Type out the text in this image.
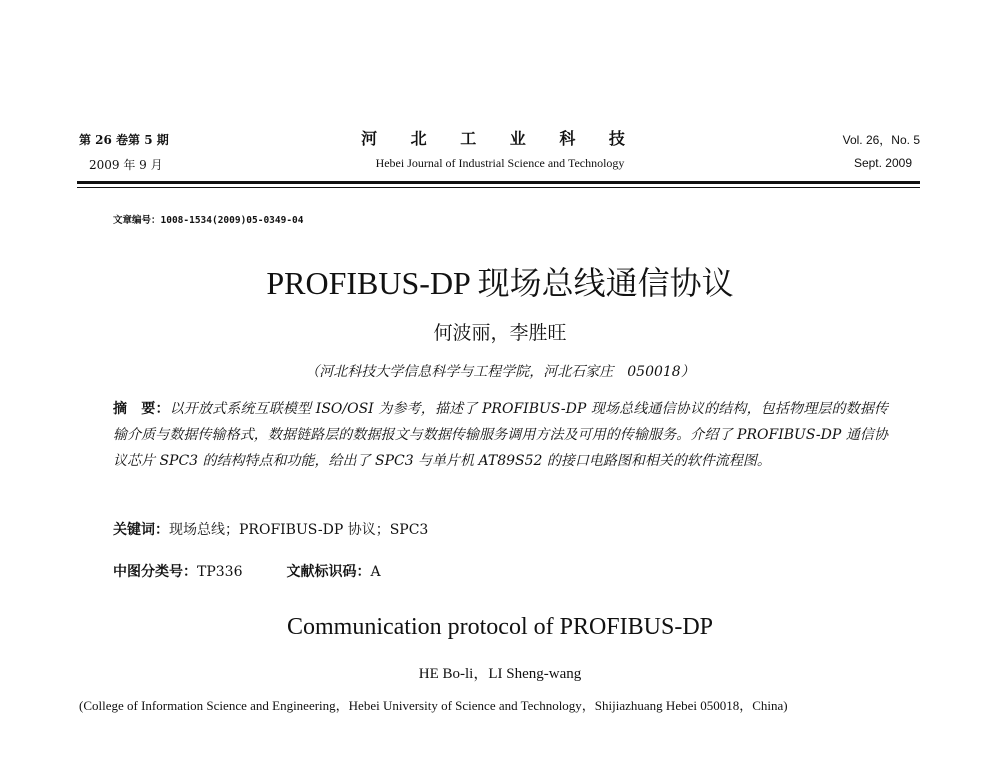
第 26 卷第 5 期
2009 年 9 月
河 北 工 业 科 技
Hebei Journal of Industrial Science and Technology
Vol. 26，No. 5
Sept. 2009
文章编号：1008-1534(2009)05-0349-04
PROFIBUS-DP 现场总线通信协议
何波丽，李胜旺
（河北科技大学信息科学与工程学院，河北石家庄　050018）
摘　要：以开放式系统互联模型 ISO/OSI 为参考，描述了 PROFIBUS-DP 现场总线通信协议的结构，包括物理层的数据传输介质与数据传输格式，数据链路层的数据报文与数据传输服务调用方法及可用的传输服务。介绍了 PROFIBUS-DP 通信协议芯片 SPC3 的结构特点和功能，给出了 SPC3 与单片机 AT89S52 的接口电路图和相关的软件流程图。
关键词：现场总线；PROFIBUS-DP 协议；SPC3
中图分类号：TP336	文献标识码：A
Communication protocol of PROFIBUS-DP
HE Bo-li，LI Sheng-wang
(College of Information Science and Engineering，Hebei University of Science and Technology，Shijiazhuang Hebei 050018，China)
